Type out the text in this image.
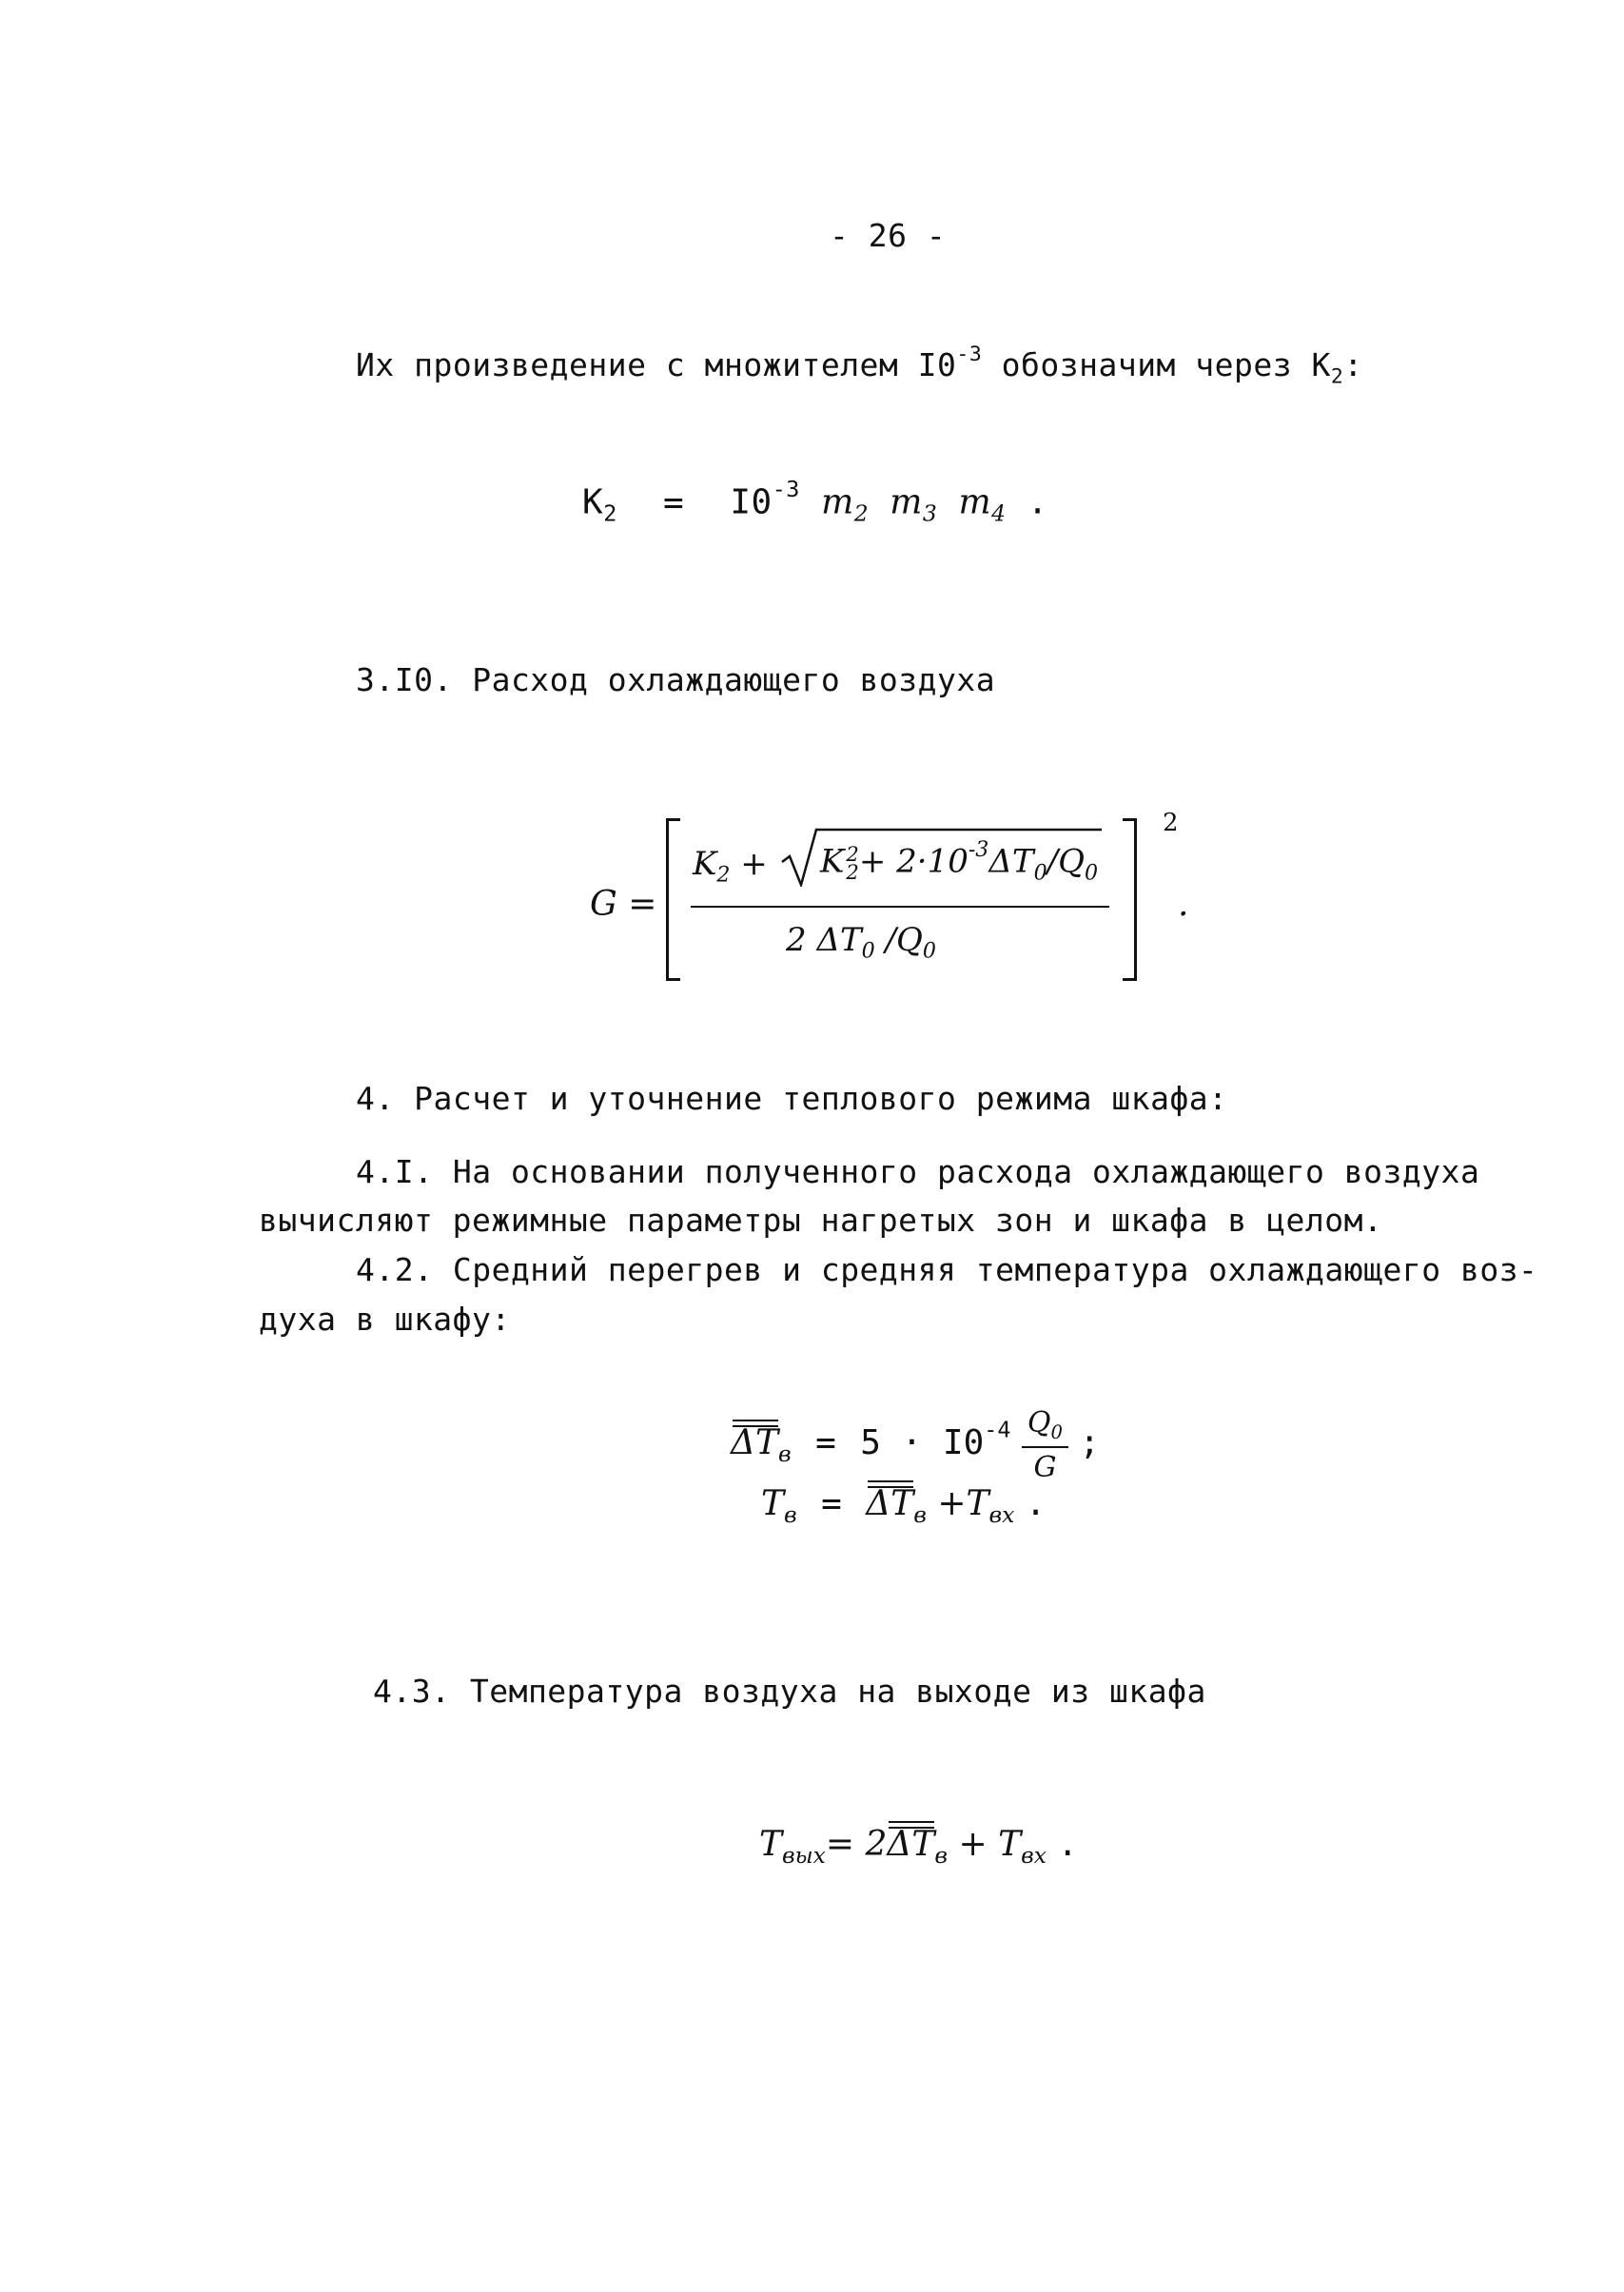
- 26 -
Их произведение с множителем $I0^{-3}$ обозначим через $К_2$:
$К_2 = I0^{-3}$ $m_2$ $m_3$ $m_4$ .
3.I0. Расход охлаждающего воздуха
G =
2
.
$K_2 + K$ 2
$2 + 2\cdot 10^{-3}\Delta T_0/Q_0$
2 $\Delta T_0$ $/Q_0$
4. Расчет и уточнение теплового режима шкафа:
4.I. На основании полученного расхода охлаждающего воздуха
вычисляют режимные параметры нагретых зон и шкафа в целом.
4.2. Средний перегрев и средняя температура охлаждающего воз-
духа в шкафу:
$\Delta T_в = 5 \cdot I0^{-4} \frac{Q_0}{G}$ ;
$T_в = \Delta T_в +T_{вх}$ .
4.3. Температура воздуха на выходе из шкафа
$T_{вых}= 2\Delta T_в + T_{вх}$ .
